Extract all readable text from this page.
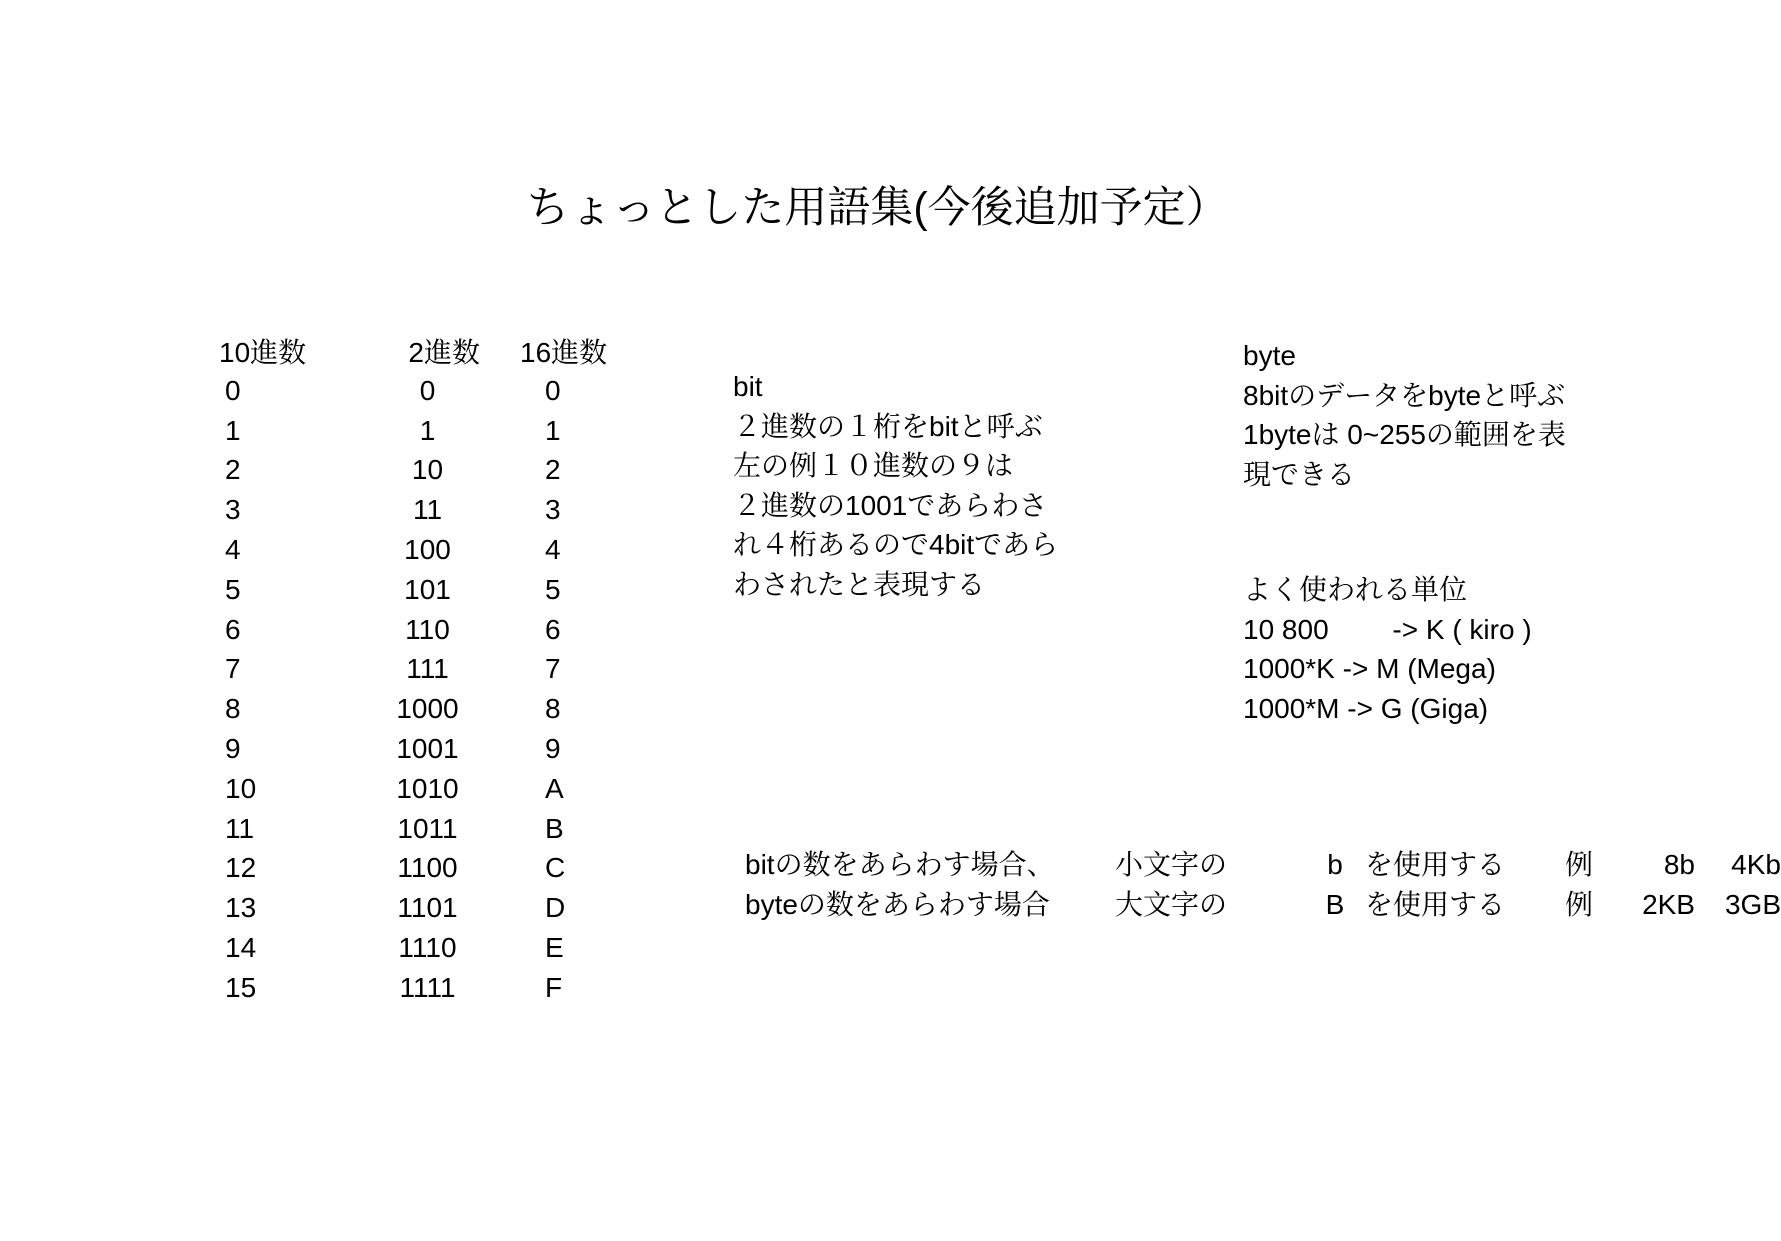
ちょっとした用語集(今後追加予定）
10進数	2進数	16進数
0	0	0
1	1	1
2	10	2
3	11	3
4	100	4
5	101	5
6	110	6
7	111	7
8	1000	8
9	1001	9
10	1010	A
11	1011	B
12	1100	C
13	1101	D
14	1110	E
15	1111	F
bit
２進数の１桁をbitと呼ぶ
左の例１０進数の９は
２進数の1001であらわさ
れ４桁あるので4bitであら
わされたと表現する
byte
8bitのデータをbyteと呼ぶ
1byteは 0~255の範囲を表
現できる
よく使われる単位
10 800　　 -> K ( kiro )
1000*K -> M (Mega)
1000*M -> G (Giga)
bitの数をあらわす場合、	小文字の	b を使用する	例	8b	4Kb
byteの数をあらわす場合	大文字の	B を使用する	例	2KB	3GB
